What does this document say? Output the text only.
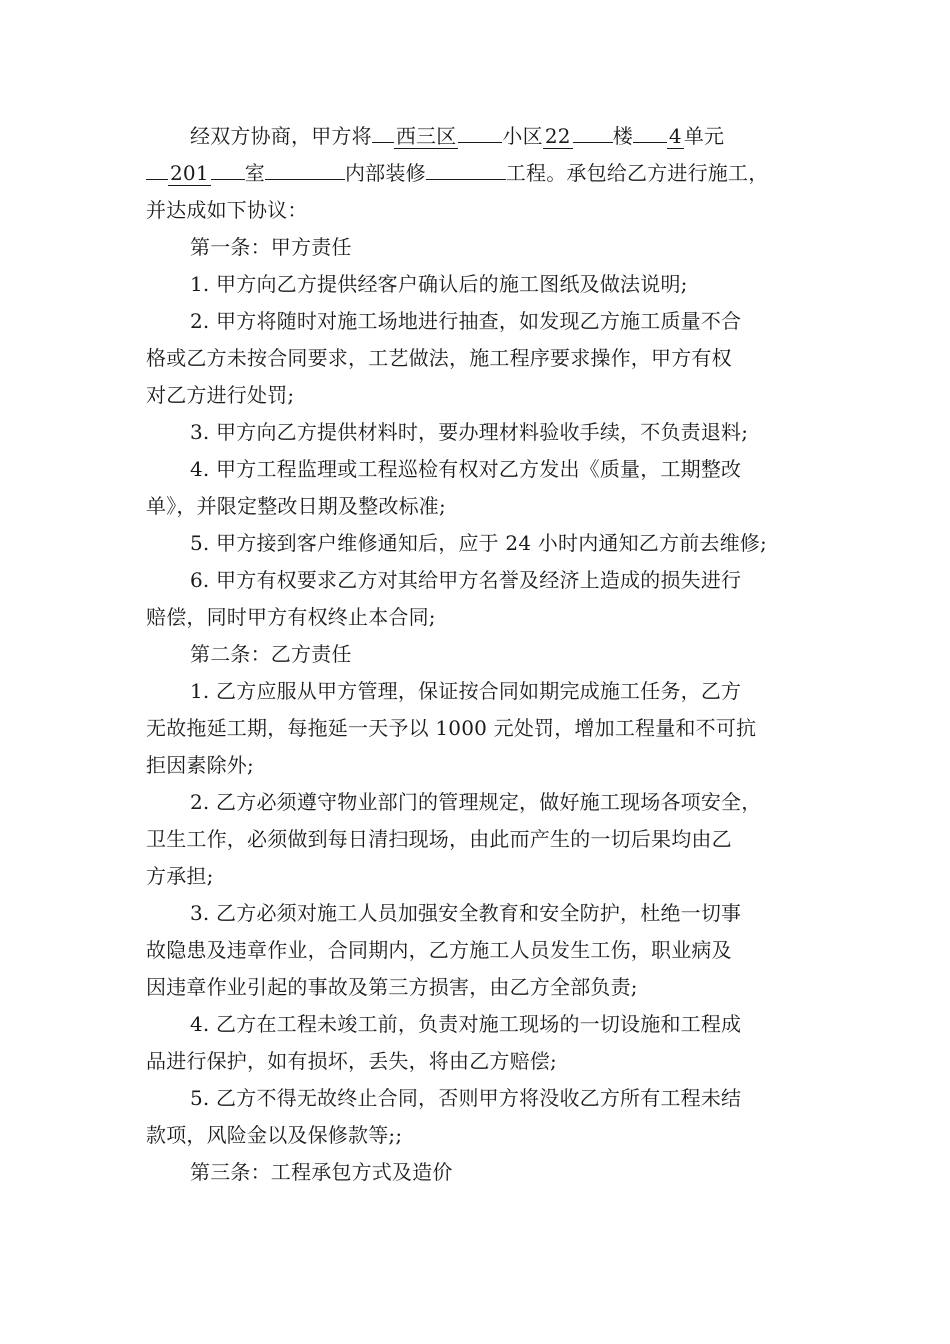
经双方协商，甲方将 西三区 小区 22 楼 4 单元
201 室	内部装修	工程。承包给乙方进行施工，
并达成如下协议：
第一条：甲方责任
1. 甲方向乙方提供经客户确认后的施工图纸及做法说明;
2. 甲方将随时对施工场地进行抽查，如发现乙方施工质量不合
格或乙方未按合同要求，工艺做法，施工程序要求操作，甲方有权
对乙方进行处罚;
3. 甲方向乙方提供材料时，要办理材料验收手续，不负责退料;
4. 甲方工程监理或工程巡检有权对乙方发出《质量，工期整改
单》，并限定整改日期及整改标准;
5. 甲方接到客户维修通知后，应于 24 小时内通知乙方前去维修;
6. 甲方有权要求乙方对其给甲方名誉及经济上造成的损失进行
赔偿，同时甲方有权终止本合同;
第二条：乙方责任
1. 乙方应服从甲方管理，保证按合同如期完成施工任务，乙方
无故拖延工期，每拖延一天予以 1000 元处罚，增加工程量和不可抗
拒因素除外;
2. 乙方必须遵守物业部门的管理规定，做好施工现场各项安全，
卫生工作，必须做到每日清扫现场，由此而产生的一切后果均由乙
方承担;
3. 乙方必须对施工人员加强安全教育和安全防护，杜绝一切事
故隐患及违章作业，合同期内，乙方施工人员发生工伤，职业病及
因违章作业引起的事故及第三方损害，由乙方全部负责;
4. 乙方在工程未竣工前，负责对施工现场的一切设施和工程成
品进行保护，如有损坏，丢失，将由乙方赔偿;
5. 乙方不得无故终止合同，否则甲方将没收乙方所有工程未结
款项，风险金以及保修款等;;
第三条：工程承包方式及造价
